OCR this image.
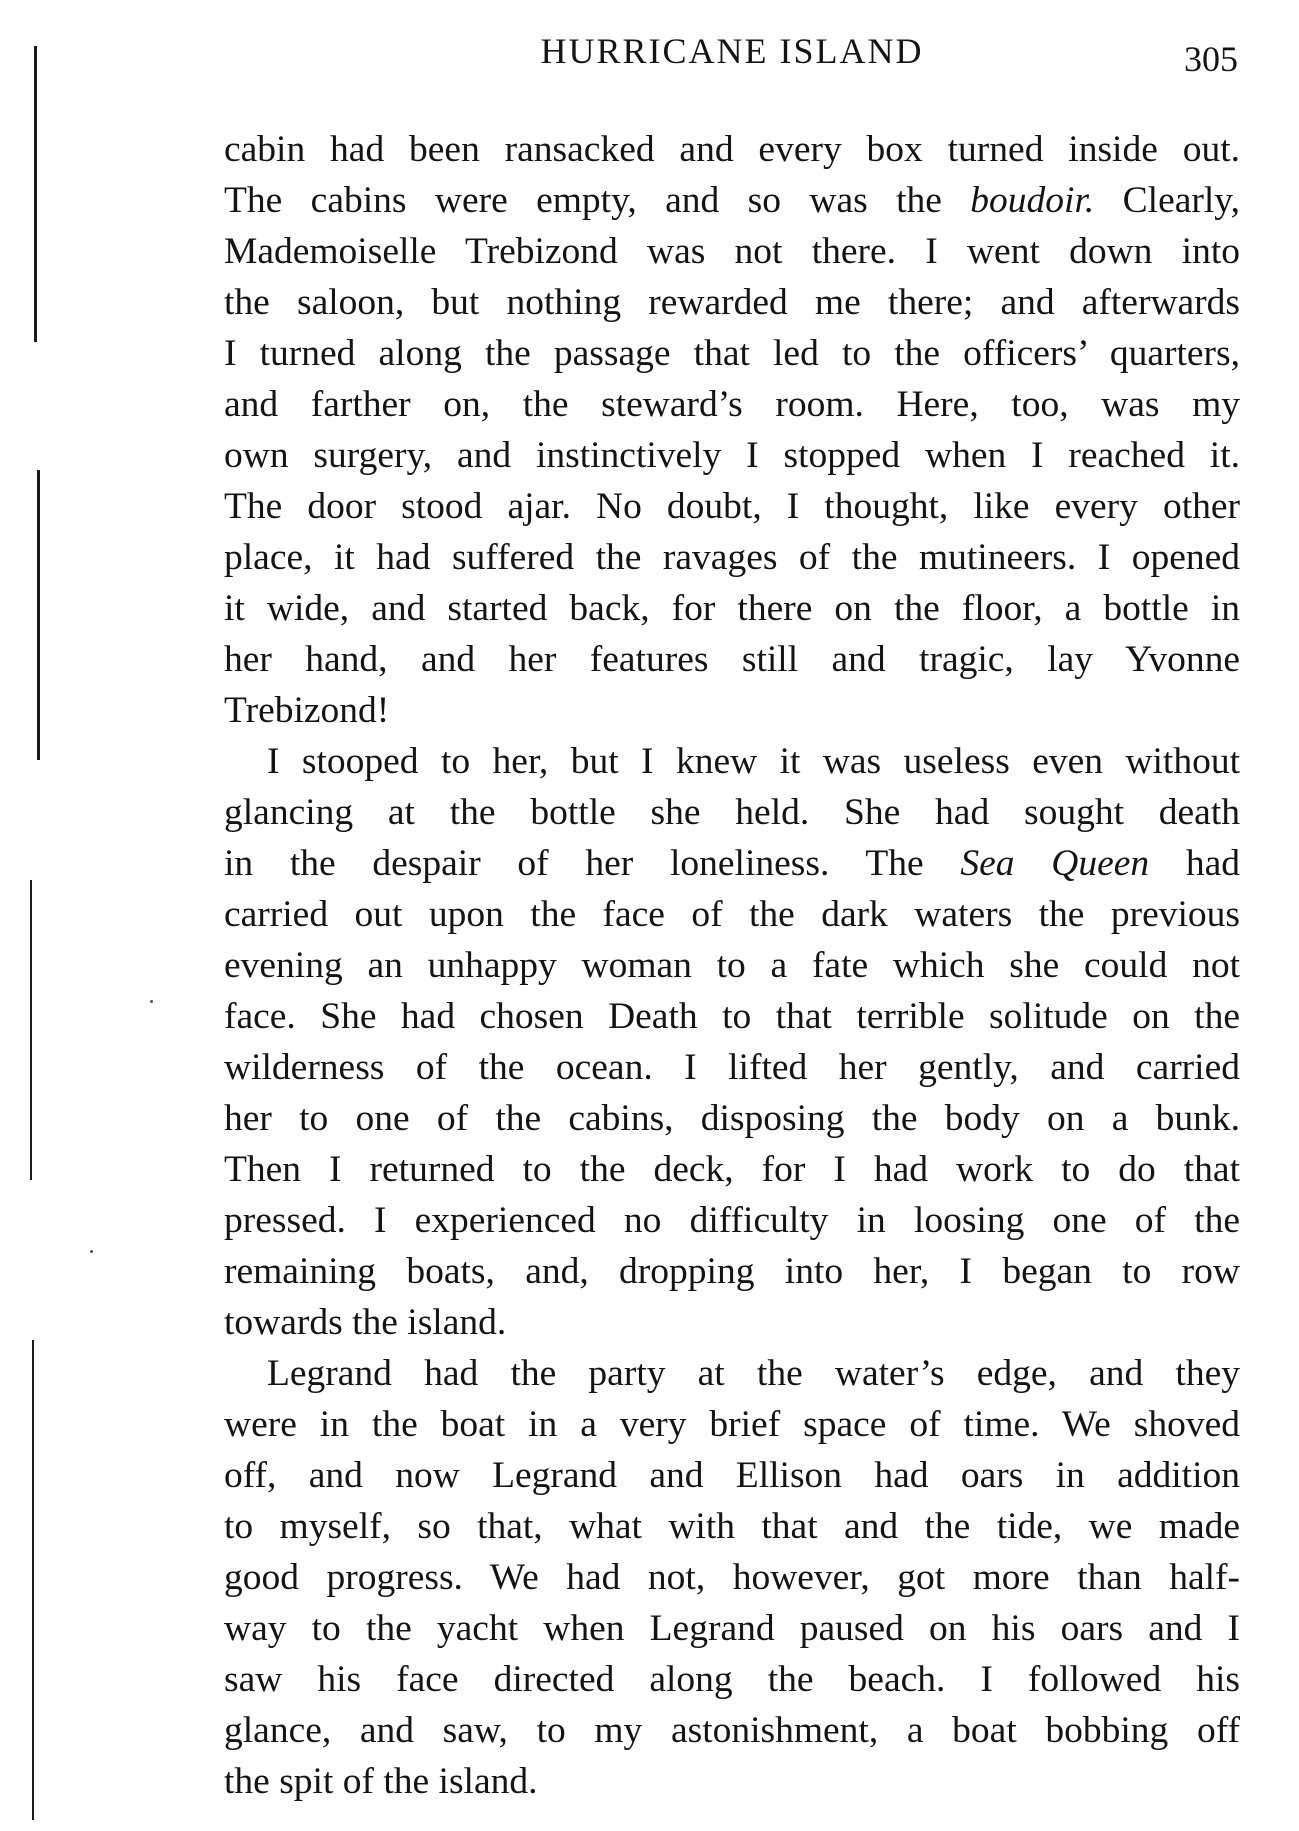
HURRICANE ISLAND	305
cabin had been ransacked and every box turned inside out.
The cabins were empty, and so was the boudoir. Clearly,
Mademoiselle Trebizond was not there. I went down into
the saloon, but nothing rewarded me there; and afterwards
I turned along the passage that led to the officers’ quarters,
and farther on, the steward’s room. Here, too, was my
own surgery, and instinctively I stopped when I reached it.
The door stood ajar. No doubt, I thought, like every other
place, it had suffered the ravages of the mutineers. I opened
it wide, and started back, for there on the floor, a bottle in
her hand, and her features still and tragic, lay Yvonne
Trebizond!
I stooped to her, but I knew it was useless even without
glancing at the bottle she held. She had sought death
in the despair of her loneliness. The Sea Queen had
carried out upon the face of the dark waters the previous
evening an unhappy woman to a fate which she could not
face. She had chosen Death to that terrible solitude on the
wilderness of the ocean. I lifted her gently, and carried
her to one of the cabins, disposing the body on a bunk.
Then I returned to the deck, for I had work to do that
pressed. I experienced no difficulty in loosing one of the
remaining boats, and, dropping into her, I began to row
towards the island.
Legrand had the party at the water’s edge, and they
were in the boat in a very brief space of time. We shoved
off, and now Legrand and Ellison had oars in addition
to myself, so that, what with that and the tide, we made
good progress. We had not, however, got more than half-
way to the yacht when Legrand paused on his oars and I
saw his face directed along the beach. I followed his
glance, and saw, to my astonishment, a boat bobbing off
the spit of the island.
